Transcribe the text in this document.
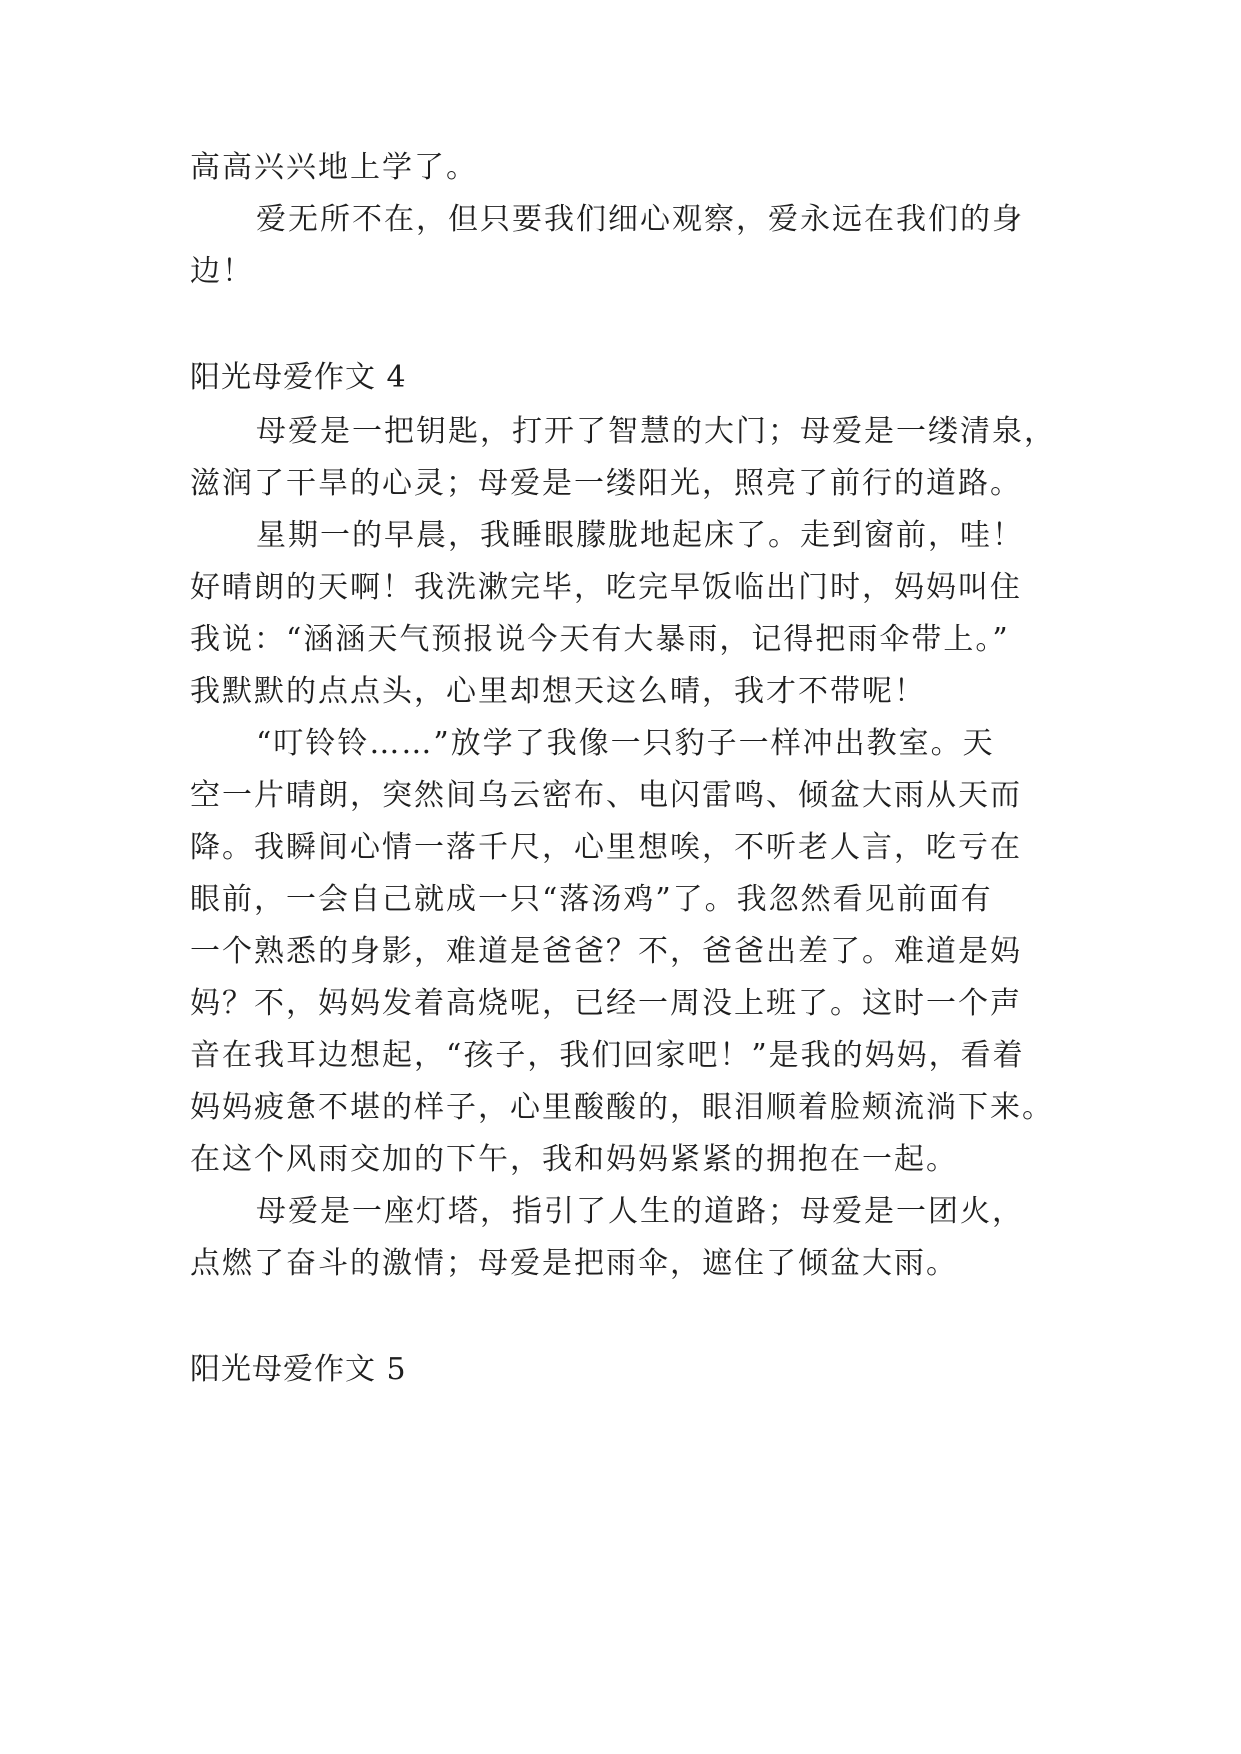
高高兴兴地上学了。

爱无所不在，但只要我们细心观察，爱永远在我们的身

边！

阳光母爱作文 4

母爱是一把钥匙，打开了智慧的大门；母爱是一缕清泉，

滋润了干旱的心灵；母爱是一缕阳光，照亮了前行的道路。

星期一的早晨，我睡眼朦胧地起床了。走到窗前，哇！

好晴朗的天啊！我洗漱完毕，吃完早饭临出门时，妈妈叫住

我说：“涵涵天气预报说今天有大暴雨，记得把雨伞带上。”

我默默的点点头，心里却想天这么晴，我才不带呢！

“叮铃铃……”放学了我像一只豹子一样冲出教室。天

空一片晴朗，突然间乌云密布、电闪雷鸣、倾盆大雨从天而

降。我瞬间心情一落千尺，心里想唉，不听老人言，吃亏在

眼前，一会自己就成一只“落汤鸡”了。我忽然看见前面有

一个熟悉的身影，难道是爸爸？不，爸爸出差了。难道是妈

妈？不，妈妈发着高烧呢，已经一周没上班了。这时一个声

音在我耳边想起，“孩子，我们回家吧！”是我的妈妈，看着

妈妈疲惫不堪的样子，心里酸酸的，眼泪顺着脸颊流淌下来。

在这个风雨交加的下午，我和妈妈紧紧的拥抱在一起。

母爱是一座灯塔，指引了人生的道路；母爱是一团火，

点燃了奋斗的激情；母爱是把雨伞，遮住了倾盆大雨。

阳光母爱作文 5
